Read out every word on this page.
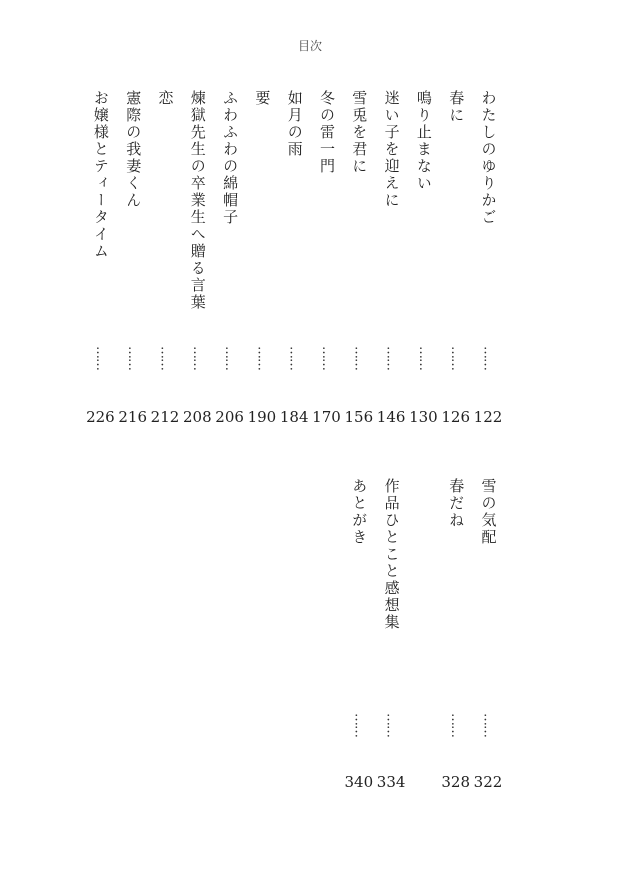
目次
わたしのゆりかご
……
122
春に
……
126
鳴り止まない
……
130
迷い子を迎えに
……
146
雪兎を君に
……
156
冬の雷一門
……
170
如月の雨
……
184
要
……
190
ふわふわの綿帽子
……
206
煉獄先生の卒業生へ贈る言葉
……
208
恋
……
212
憲際の我妻くん
……
216
お嬢様とティータイム
……
226
雪の気配
……
322
春だね
……
328
作品ひとこと感想集
……
334
あとがき
……
340
